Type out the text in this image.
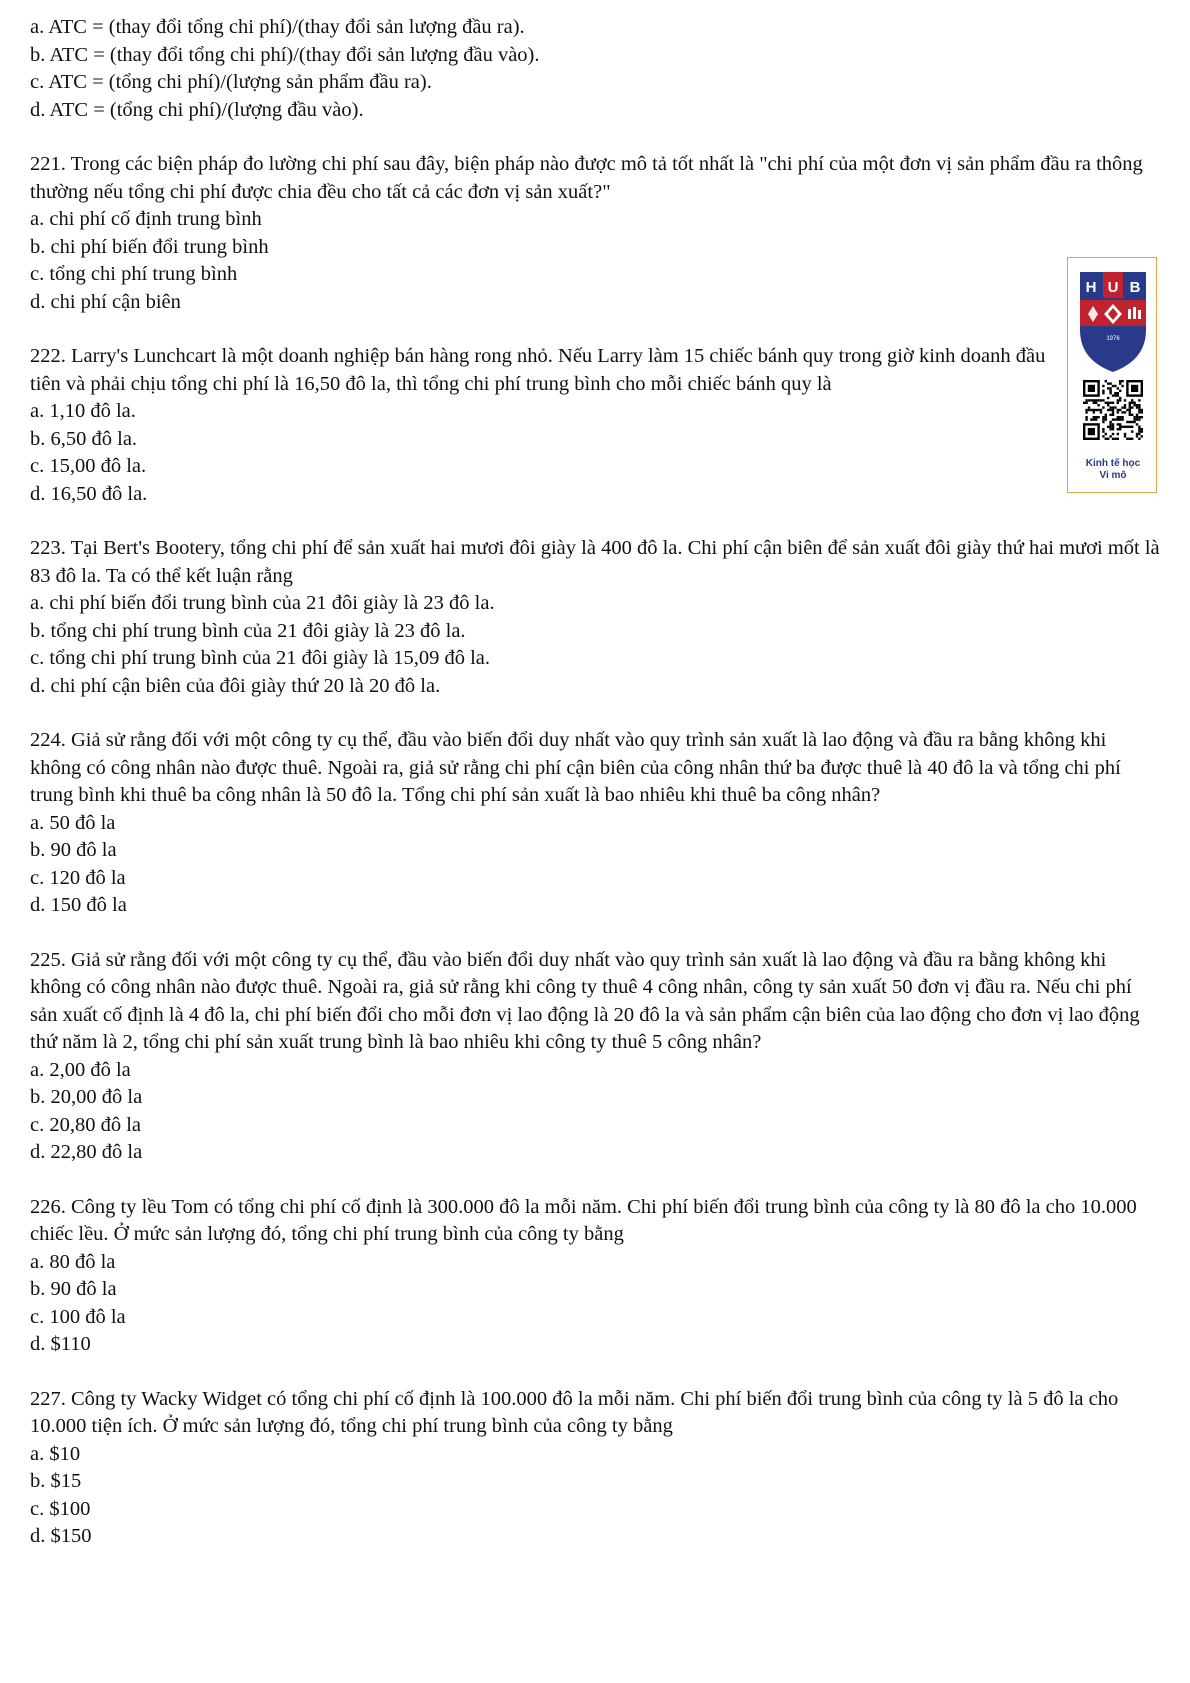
a. ATC = (thay đổi tổng chi phí)/(thay đổi sản lượng đầu ra).
b. ATC = (thay đổi tổng chi phí)/(thay đổi sản lượng đầu vào).
c. ATC = (tổng chi phí)/(lượng sản phẩm đầu ra).
d. ATC = (tổng chi phí)/(lượng đầu vào).
221. Trong các biện pháp đo lường chi phí sau đây, biện pháp nào được mô tả tốt nhất là "chi phí của một đơn vị sản phẩm đầu ra thông thường nếu tổng chi phí được chia đều cho tất cả các đơn vị sản xuất?"
a. chi phí cố định trung bình
b. chi phí biến đổi trung bình
c. tổng chi phí trung bình
d. chi phí cận biên
222. Larry's Lunchcart là một doanh nghiệp bán hàng rong nhỏ. Nếu Larry làm 15 chiếc bánh quy trong giờ kinh doanh đầu tiên và phải chịu tổng chi phí là 16,50 đô la, thì tổng chi phí trung bình cho mỗi chiếc bánh quy là
a. 1,10 đô la.
b. 6,50 đô la.
c. 15,00 đô la.
d. 16,50 đô la.
223. Tại Bert's Bootery, tổng chi phí để sản xuất hai mươi đôi giày là 400 đô la. Chi phí cận biên để sản xuất đôi giày thứ hai mươi mốt là 83 đô la. Ta có thể kết luận rằng
a. chi phí biến đổi trung bình của 21 đôi giày là 23 đô la.
b. tổng chi phí trung bình của 21 đôi giày là 23 đô la.
c. tổng chi phí trung bình của 21 đôi giày là 15,09 đô la.
d. chi phí cận biên của đôi giày thứ 20 là 20 đô la.
224. Giả sử rằng đối với một công ty cụ thể, đầu vào biến đổi duy nhất vào quy trình sản xuất là lao động và đầu ra bằng không khi không có công nhân nào được thuê. Ngoài ra, giả sử rằng chi phí cận biên của công nhân thứ ba được thuê là 40 đô la và tổng chi phí trung bình khi thuê ba công nhân là 50 đô la. Tổng chi phí sản xuất là bao nhiêu khi thuê ba công nhân?
a. 50 đô la
b. 90 đô la
c. 120 đô la
d. 150 đô la
225. Giả sử rằng đối với một công ty cụ thể, đầu vào biến đổi duy nhất vào quy trình sản xuất là lao động và đầu ra bằng không khi không có công nhân nào được thuê. Ngoài ra, giả sử rằng khi công ty thuê 4 công nhân, công ty sản xuất 50 đơn vị đầu ra. Nếu chi phí sản xuất cố định là 4 đô la, chi phí biến đổi cho mỗi đơn vị lao động là 20 đô la và sản phẩm cận biên của lao động cho đơn vị lao động thứ năm là 2, tổng chi phí sản xuất trung bình là bao nhiêu khi công ty thuê 5 công nhân?
a. 2,00 đô la
b. 20,00 đô la
c. 20,80 đô la
d. 22,80 đô la
226. Công ty lều Tom có tổng chi phí cố định là 300.000 đô la mỗi năm. Chi phí biến đổi trung bình của công ty là 80 đô la cho 10.000 chiếc lều. Ở mức sản lượng đó, tổng chi phí trung bình của công ty bằng
a. 80 đô la
b. 90 đô la
c. 100 đô la
d. $110
227. Công ty Wacky Widget có tổng chi phí cố định là 100.000 đô la mỗi năm. Chi phí biến đổi trung bình của công ty là 5 đô la cho 10.000 tiện ích. Ở mức sản lượng đó, tổng chi phí trung bình của công ty bằng
a. $10
b. $15
c. $100
d. $150
H U B
1976
Kinh tế học
Vi mô
